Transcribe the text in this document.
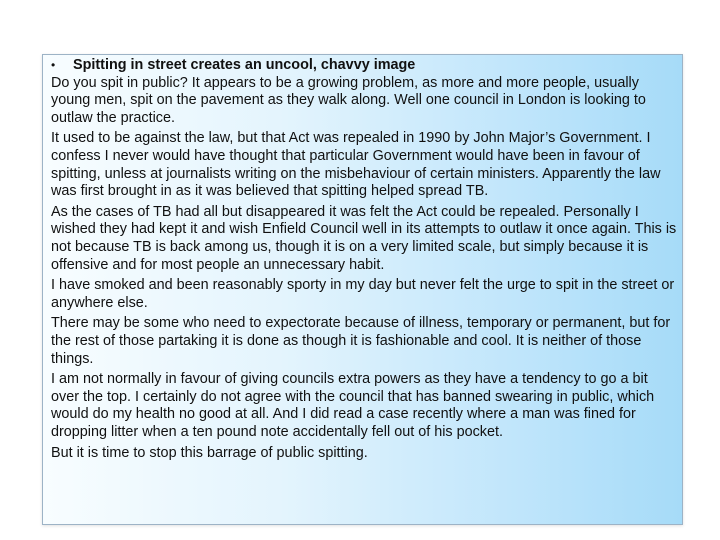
•	Spitting in street creates an uncool, chavvy image

Do you spit in public? It appears to be a growing problem, as more and more people, usually young men, spit on the pavement as they walk along. Well one council in London is looking to outlaw the practice.

It used to be against the law, but that Act was repealed in 1990 by John Major’s Government. I confess I never would have thought that particular Government would have been in favour of spitting, unless at journalists writing on the misbehaviour of certain ministers. Apparently the law was first brought in as it was believed that spitting helped spread TB.

As the cases of TB had all but disappeared it was felt the Act could be repealed. Personally I wished they had kept it and wish Enfield Council well in its attempts to outlaw it once again. This is not because TB is back among us, though it is on a very limited scale, but simply because it is offensive and for most people an unnecessary habit.

I have smoked and been reasonably sporty in my day but never felt the urge to spit in the street or anywhere else.

There may be some who need to expectorate because of illness, temporary or permanent, but for the rest of those partaking it is done as though it is fashionable and cool. It is neither of those things.

I am not normally in favour of giving councils extra powers as they have a tendency to go a bit over the top. I certainly do not agree with the council that has banned swearing in public, which would do my health no good at all. And I did read a case recently where a man was fined for dropping litter when a ten pound note accidentally fell out of his pocket.

But it is time to stop this barrage of public spitting.
